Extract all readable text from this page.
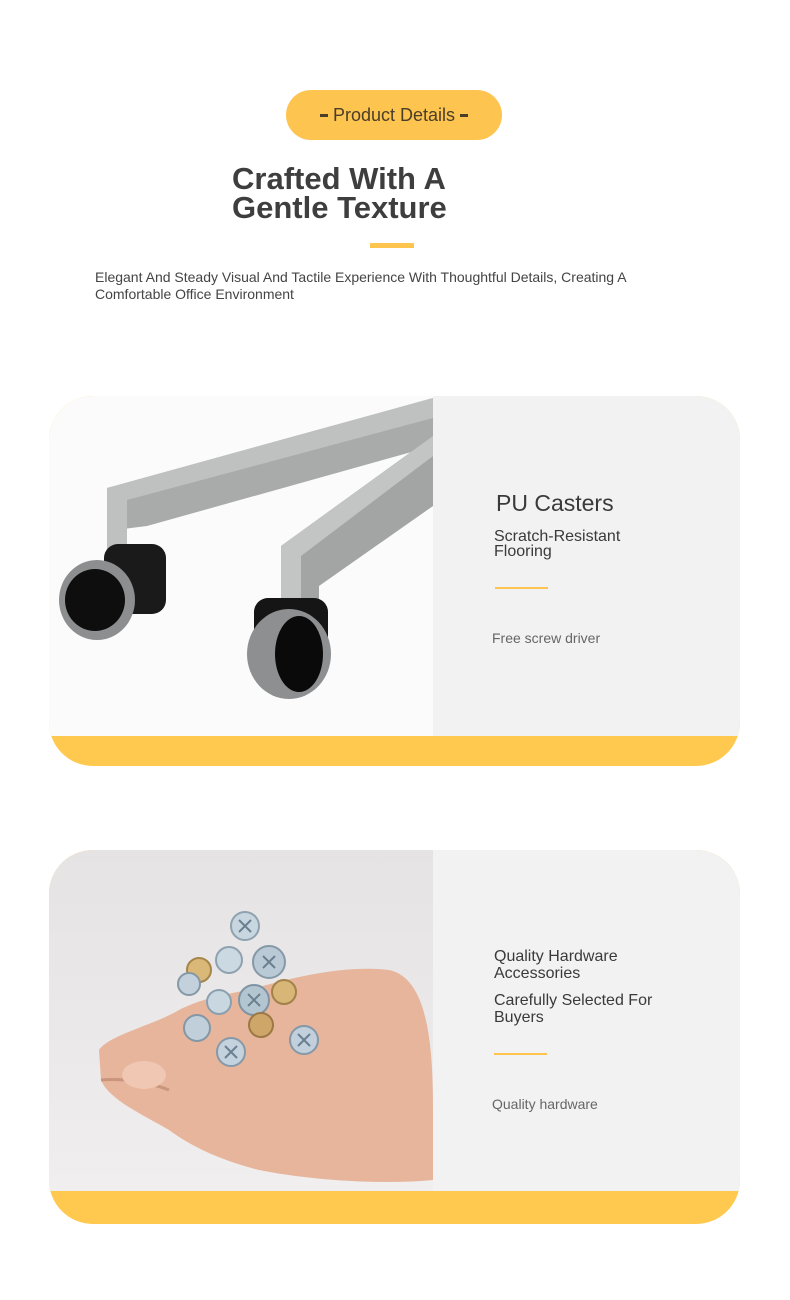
Product Details
Crafted With A
Gentle Texture

Elegant And Steady Visual And Tactile Experience With Thoughtful Details, Creating A
Comfortable Office Environment

PU Casters
Scratch-Resistant
Flooring

Free screw driver

Quality Hardware
Accessories
Carefully Selected For
Buyers

Quality hardware
